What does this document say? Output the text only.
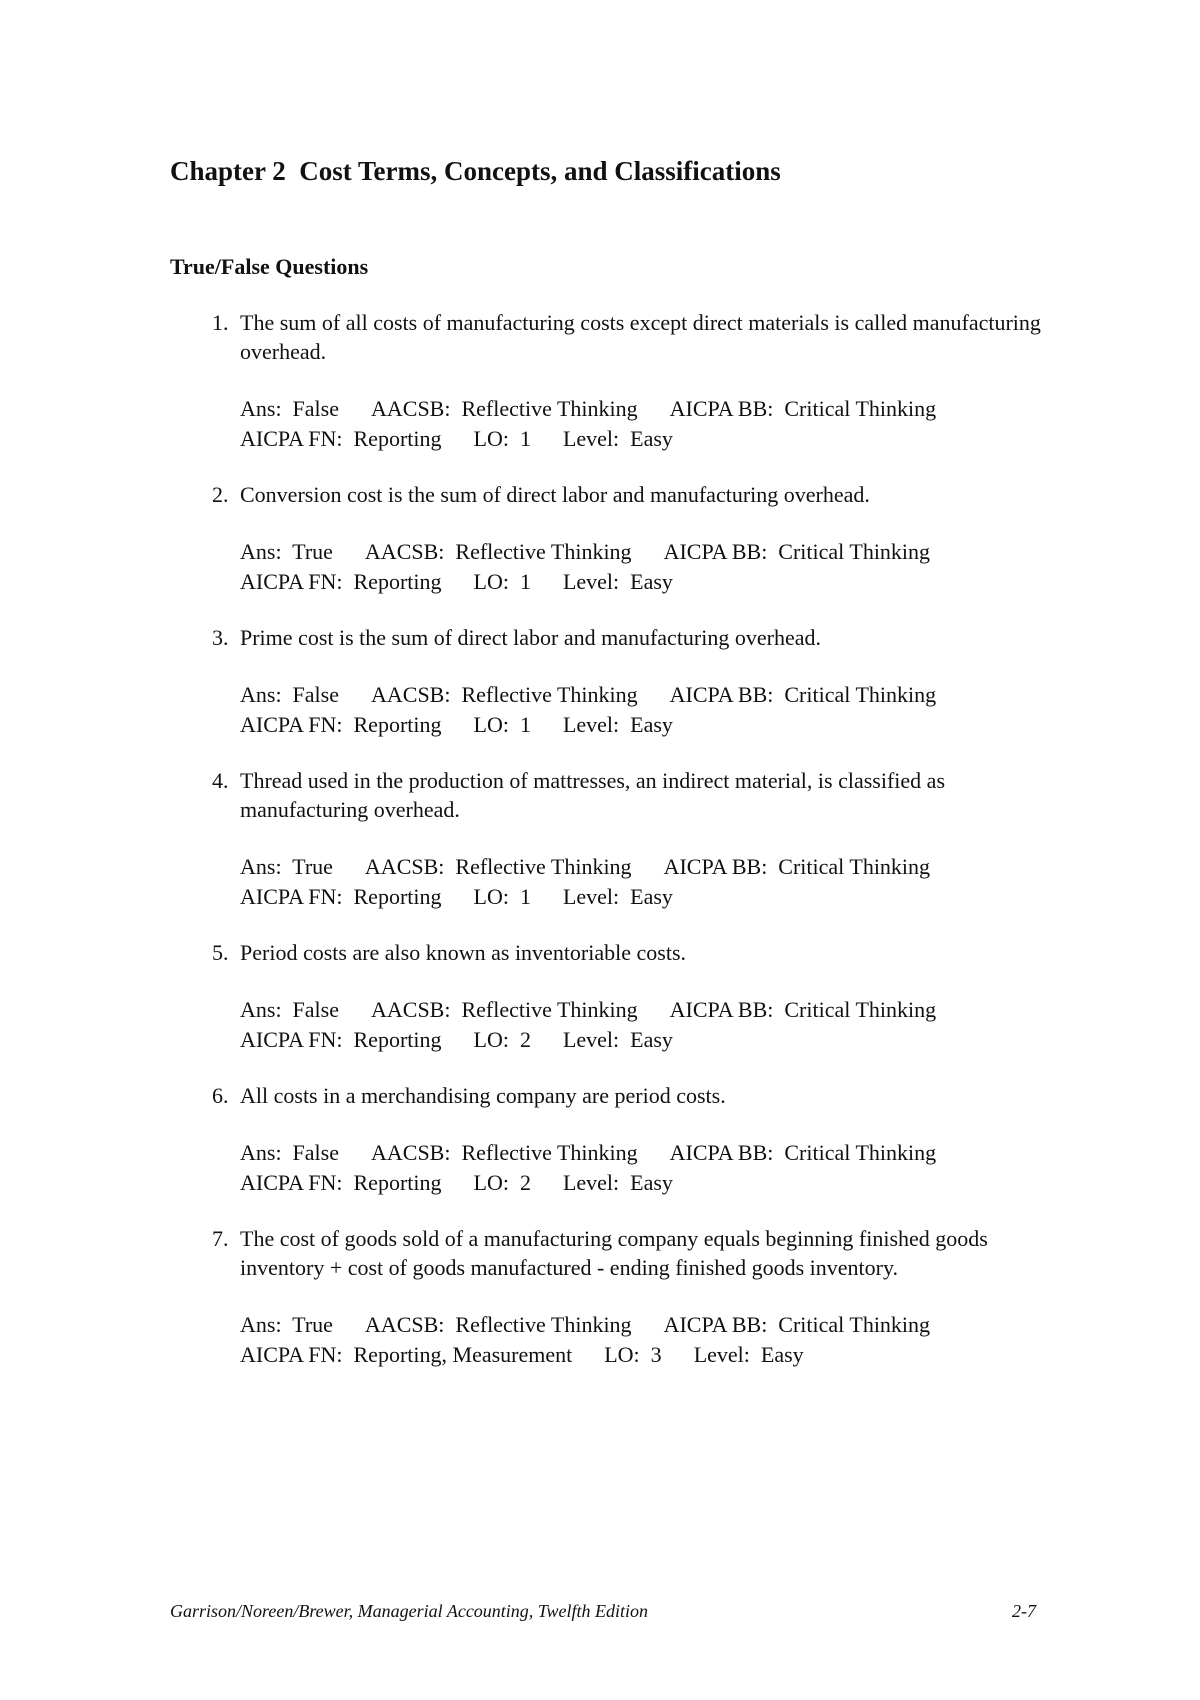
Chapter 2  Cost Terms, Concepts, and Classifications
True/False Questions
1. The sum of all costs of manufacturing costs except direct materials is called manufacturing overhead.
Ans:  False AACSB:  Reflective Thinking AICPA BB:  Critical Thinking
AICPA FN:  Reporting LO:  1 Level:  Easy
2. Conversion cost is the sum of direct labor and manufacturing overhead.
Ans:  True AACSB:  Reflective Thinking AICPA BB:  Critical Thinking
AICPA FN:  Reporting LO:  1 Level:  Easy
3. Prime cost is the sum of direct labor and manufacturing overhead.
Ans:  False AACSB:  Reflective Thinking AICPA BB:  Critical Thinking
AICPA FN:  Reporting LO:  1 Level:  Easy
4. Thread used in the production of mattresses, an indirect material, is classified as manufacturing overhead.
Ans:  True AACSB:  Reflective Thinking AICPA BB:  Critical Thinking
AICPA FN:  Reporting LO:  1 Level:  Easy
5. Period costs are also known as inventoriable costs.
Ans:  False AACSB:  Reflective Thinking AICPA BB:  Critical Thinking
AICPA FN:  Reporting LO:  2 Level:  Easy
6. All costs in a merchandising company are period costs.
Ans:  False AACSB:  Reflective Thinking AICPA BB:  Critical Thinking
AICPA FN:  Reporting LO:  2 Level:  Easy
7. The cost of goods sold of a manufacturing company equals beginning finished goods inventory + cost of goods manufactured - ending finished goods inventory.
Ans:  True AACSB:  Reflective Thinking AICPA BB:  Critical Thinking
AICPA FN:  Reporting, Measurement LO:  3 Level:  Easy
Garrison/Noreen/Brewer, Managerial Accounting, Twelfth Edition	2-7
